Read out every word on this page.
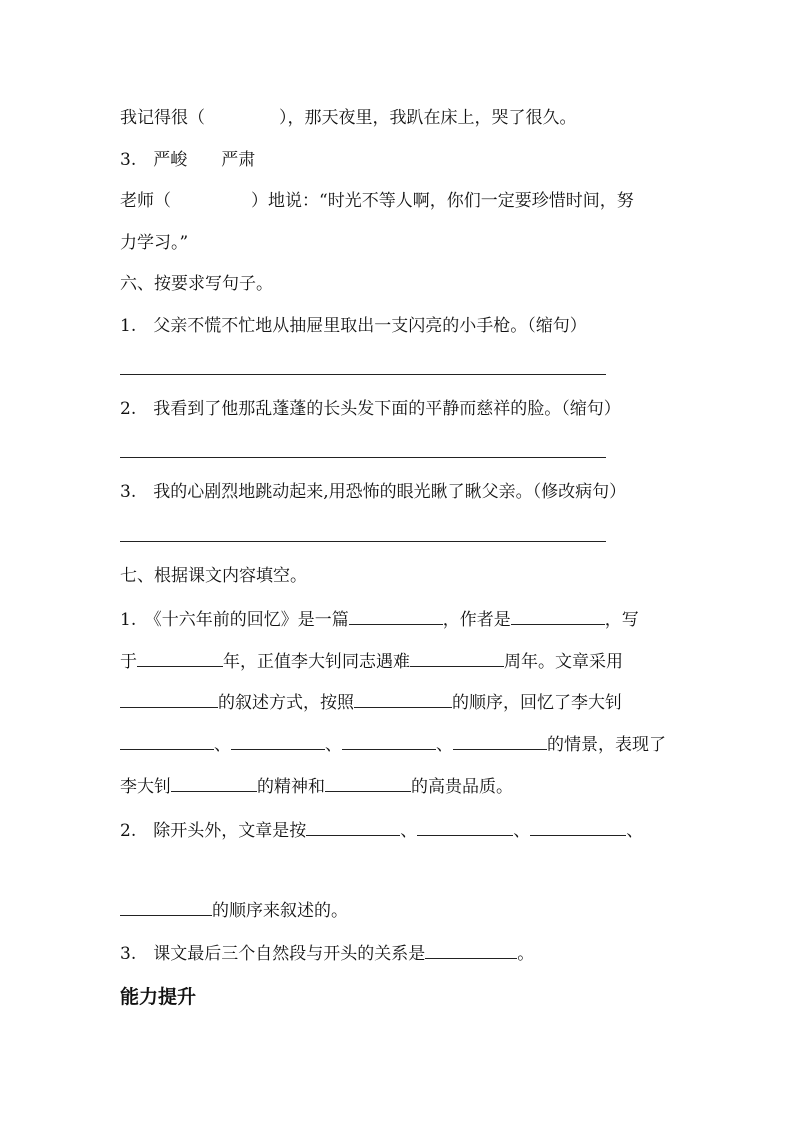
我记得很（	），那天夜里，我趴在床上，哭了很久。
3.　严峻　　严肃
老师（	）地说：“时光不等人啊，你们一定要珍惜时间，努
力学习。”
六、按要求写句子。
1.　父亲不慌不忙地从抽屉里取出一支闪亮的小手枪。（缩句）
2.　我看到了他那乱蓬蓬的长头发下面的平静而慈祥的脸。（缩句）
3.　我的心剧烈地跳动起来,用恐怖的眼光瞅了瞅父亲。（修改病句）
七、根据课文内容填空。
1.　《十六年前的回忆》是一篇	，作者是	，写
于	年，正值李大钊同志遇难	周年。文章采用
的叙述方式，按照	的顺序，回忆了李大钊
、	、	、	的情景，表现了
李大钊	的精神和	的高贵品质。
2.　除开头外，文章是按	、	、	、
的顺序来叙述的。
3.　课文最后三个自然段与开头的关系是	。
能力提升
